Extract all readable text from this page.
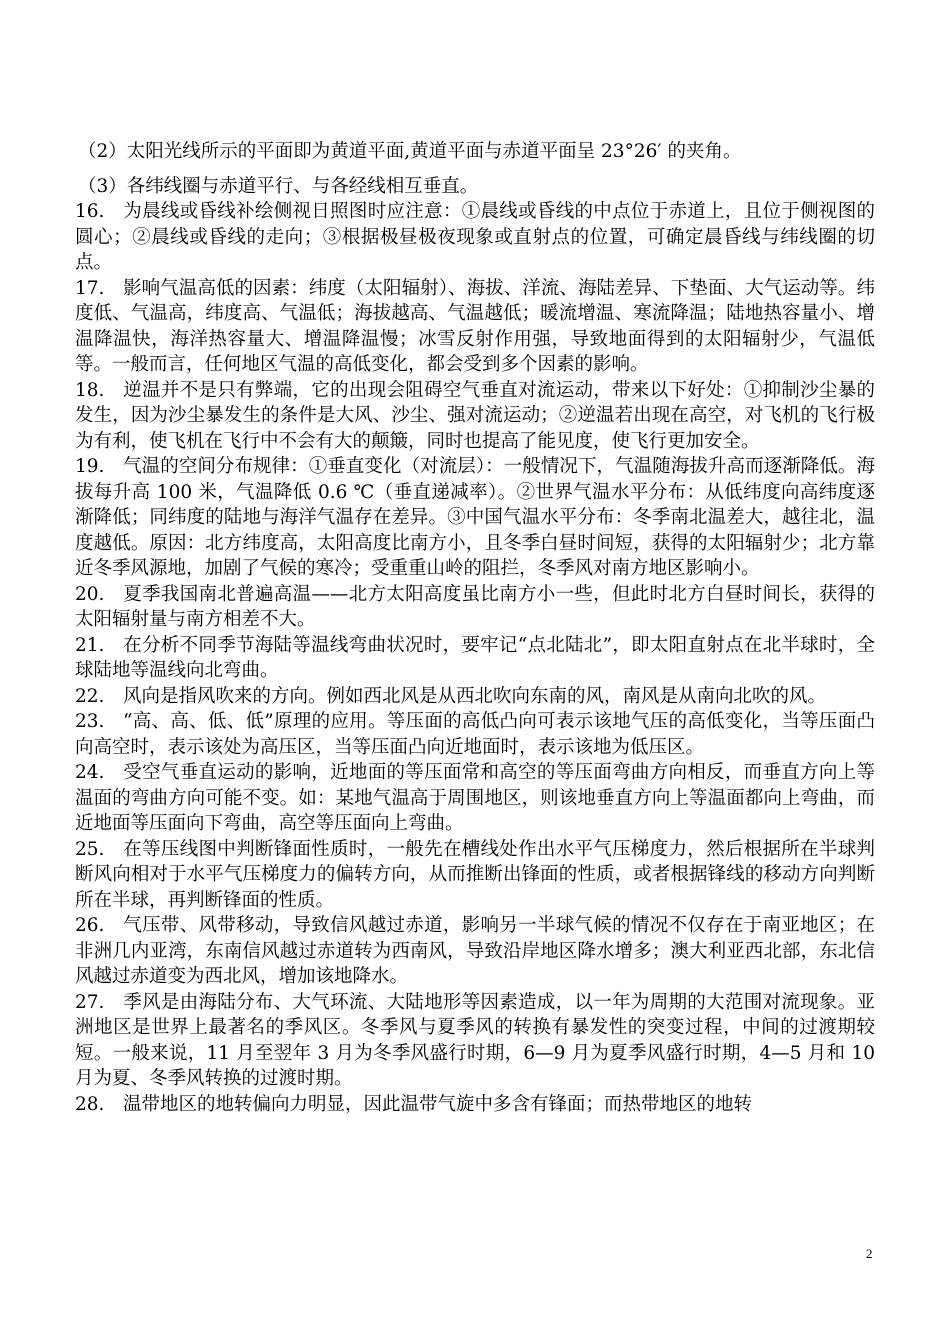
（2）太阳光线所示的平面即为黄道平面,黄道平面与赤道平面呈 23°26′ 的夹角。

（3）各纬线圈与赤道平行、与各经线相互垂直。

16. 为晨线或昏线补绘侧视日照图时应注意：①晨线或昏线的中点位于赤道上，且位于侧视图的圆心；②晨线或昏线的走向；③根据极昼极夜现象或直射点的位置，可确定晨昏线与纬线圈的切点。

17. 影响气温高低的因素：纬度（太阳辐射）、海拔、洋流、海陆差异、下垫面、大气运动等。纬度低、气温高，纬度高、气温低；海拔越高、气温越低；暖流增温、寒流降温；陆地热容量小、增温降温快，海洋热容量大、增温降温慢；冰雪反射作用强，导致地面得到的太阳辐射少，气温低等。一般而言，任何地区气温的高低变化，都会受到多个因素的影响。

18. 逆温并不是只有弊端，它的出现会阻碍空气垂直对流运动，带来以下好处：①抑制沙尘暴的发生，因为沙尘暴发生的条件是大风、沙尘、强对流运动；②逆温若出现在高空，对飞机的飞行极为有利，使飞机在飞行中不会有大的颠簸，同时也提高了能见度，使飞行更加安全。

19. 气温的空间分布规律：①垂直变化（对流层）：一般情况下，气温随海拔升高而逐渐降低。海拔每升高 100 米，气温降低 0.6 ℃（垂直递减率）。②世界气温水平分布：从低纬度向高纬度逐渐降低；同纬度的陆地与海洋气温存在差异。③中国气温水平分布：冬季南北温差大，越往北，温度越低。原因：北方纬度高，太阳高度比南方小，且冬季白昼时间短，获得的太阳辐射少；北方靠近冬季风源地，加剧了气候的寒冷；受重重山岭的阻拦，冬季风对南方地区影响小。

20. 夏季我国南北普遍高温——北方太阳高度虽比南方小一些，但此时北方白昼时间长，获得的太阳辐射量与南方相差不大。

21. 在分析不同季节海陆等温线弯曲状况时，要牢记“点北陆北”，即太阳直射点在北半球时，全球陆地等温线向北弯曲。

22. 风向是指风吹来的方向。例如西北风是从西北吹向东南的风，南风是从南向北吹的风。

23. “高、高、低、低”原理的应用。等压面的高低凸向可表示该地气压的高低变化，当等压面凸向高空时，表示该处为高压区，当等压面凸向近地面时，表示该地为低压区。

24. 受空气垂直运动的影响，近地面的等压面常和高空的等压面弯曲方向相反，而垂直方向上等温面的弯曲方向可能不变。如：某地气温高于周围地区，则该地垂直方向上等温面都向上弯曲，而近地面等压面向下弯曲，高空等压面向上弯曲。

25. 在等压线图中判断锋面性质时，一般先在槽线处作出水平气压梯度力，然后根据所在半球判断风向相对于水平气压梯度力的偏转方向，从而推断出锋面的性质，或者根据锋线的移动方向判断所在半球，再判断锋面的性质。

26. 气压带、风带移动，导致信风越过赤道，影响另一半球气候的情况不仅存在于南亚地区；在非洲几内亚湾，东南信风越过赤道转为西南风，导致沿岸地区降水增多；澳大利亚西北部，东北信风越过赤道变为西北风，增加该地降水。

27. 季风是由海陆分布、大气环流、大陆地形等因素造成，以一年为周期的大范围对流现象。亚洲地区是世界上最著名的季风区。冬季风与夏季风的转换有暴发性的突变过程，中间的过渡期较短。一般来说，11 月至翌年 3 月为冬季风盛行时期，6—9 月为夏季风盛行时期，4—5 月和 10 月为夏、冬季风转换的过渡时期。

28. 温带地区的地转偏向力明显，因此温带气旋中多含有锋面；而热带地区的地转

2
